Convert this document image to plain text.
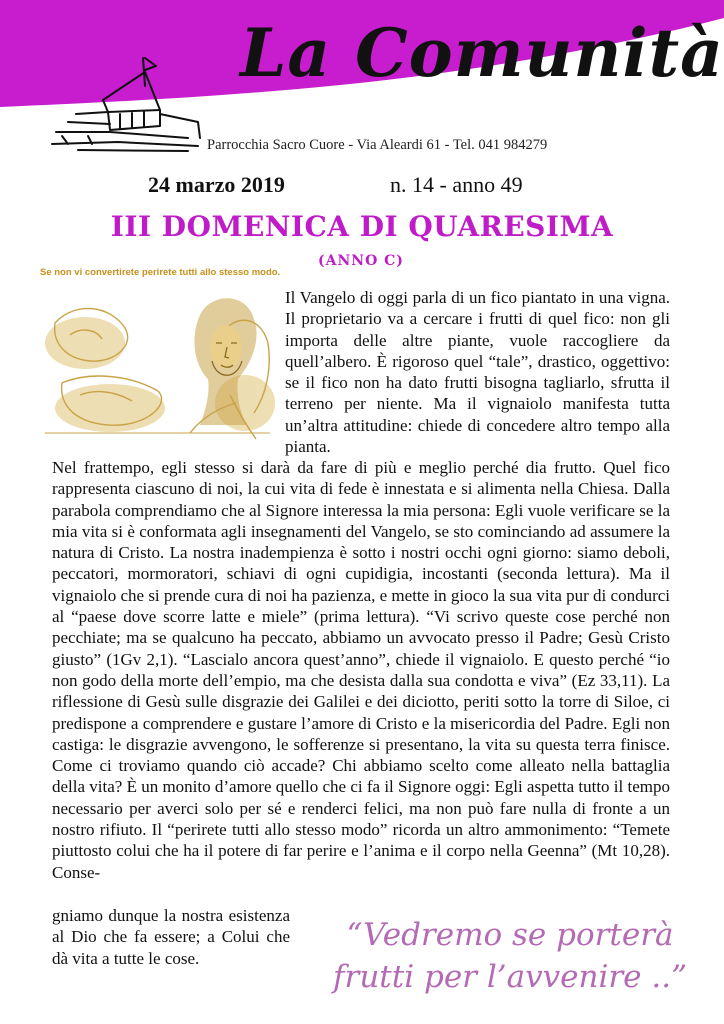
La Comunità
Parrocchia Sacro Cuore - Via Aleardi 61 - Tel. 041 984279
24 marzo 2019	n. 14 - anno 49
III DOMENICA DI QUARESIMA
(ANNO C)
Se non vi convertirete perirete tutti allo stesso modo.

Il Vangelo di oggi parla di un fico piantato in una vigna. Il proprietario va a cercare i frutti di quel fico: non gli importa delle altre piante, vuole raccogliere da quell’albero. È rigoroso quel “tale”, drastico, oggettivo: se il fico non ha dato frutti bisogna tagliarlo, sfrutta il terreno per niente. Ma il vignaiolo manifesta tutta un’altra attitudine: chiede di concedere altro tempo alla pianta.

Nel frattempo, egli stesso si darà da fare di più e meglio perché dia frutto. Quel fico rappresenta ciascuno di noi, la cui vita di fede è innestata e si alimenta nella Chiesa. Dalla parabola comprendiamo che al Signore interessa la mia persona: Egli vuole verificare se la mia vita si è conformata agli insegnamenti del Vangelo, se sto cominciando ad assumere la natura di Cristo. La nostra inadempienza è sotto i nostri occhi ogni giorno: siamo deboli, peccatori, mormoratori, schiavi di ogni cupidigia, incostanti (seconda lettura). Ma il vignaiolo che si prende cura di noi ha pazienza, e mette in gioco la sua vita pur di condurci al “paese dove scorre latte e miele” (prima lettura). “Vi scrivo queste cose perché non pecchiate; ma se qualcuno ha peccato, abbiamo un avvocato presso il Padre; Gesù Cristo giusto” (1Gv 2,1). “Lascialo ancora quest’anno”, chiede il vignaiolo. E questo perché “io non godo della morte dell’empio, ma che desista dalla sua condotta e viva” (Ez 33,11). La riflessione di Gesù sulle disgrazie dei Galilei e dei diciotto, periti sotto la torre di Siloe, ci predispone a comprendere e gustare l’amore di Cristo e la misericordia del Padre. Egli non castiga: le disgrazie avvengono, le sofferenze si presentano, la vita su questa terra finisce. Come ci troviamo quando ciò accade? Chi abbiamo scelto come alleato nella battaglia della vita? È un monito d’amore quello che ci fa il Signore oggi: Egli aspetta tutto il tempo necessario per averci solo per sé e renderci felici, ma non può fare nulla di fronte a un nostro rifiuto. Il “perirete tutti allo stesso modo” ricorda un altro ammonimento: “Temete piuttosto colui che ha il potere di far perire e l’anima e il corpo nella Geenna” (Mt 10,28). Conse-

gniamo dunque la nostra esistenza al Dio che fa essere; a Colui che dà vita a tutte le cose.

“Vedremo se porterà
frutti per l’avvenire ..”
